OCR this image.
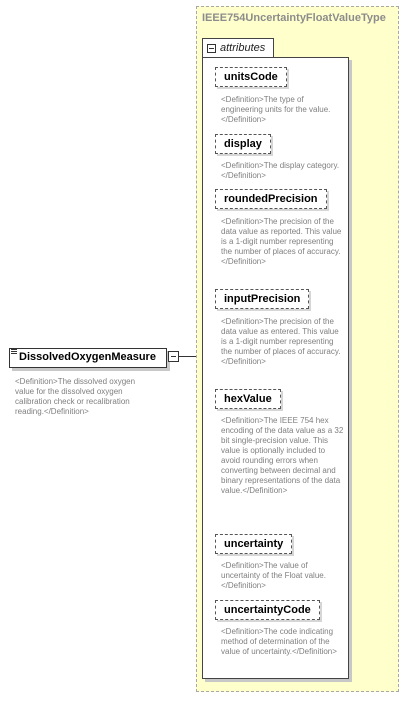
IEEE754UncertaintyFloatValueType
attributes
unitsCode
<Definition>The type of engineering units for the value.</Definition>
display
<Definition>The display category.</Definition>
roundedPrecision
<Definition>The precision of the data value as reported. This value is a 1-digit number representing the number of places of accuracy.</Definition>
inputPrecision
<Definition>The precision of the data value as entered. This value is a 1-digit number representing the number of places of accuracy.</Definition>
hexValue
<Definition>The IEEE 754 hex encoding of the data value as a 32 bit single-precision value. This value is optionally included to avoid rounding errors when converting between decimal and binary representations of the data value.</Definition>
uncertainty
<Definition>The value of uncertainty of the Float value.</Definition>
uncertaintyCode
<Definition>The code indicating method of determination of the value of uncertainty.</Definition>
DissolvedOxygenMeasure
<Definition>The dissolved oxygen value for the dissolved oxygen calibration check or recalibration reading.</Definition>
